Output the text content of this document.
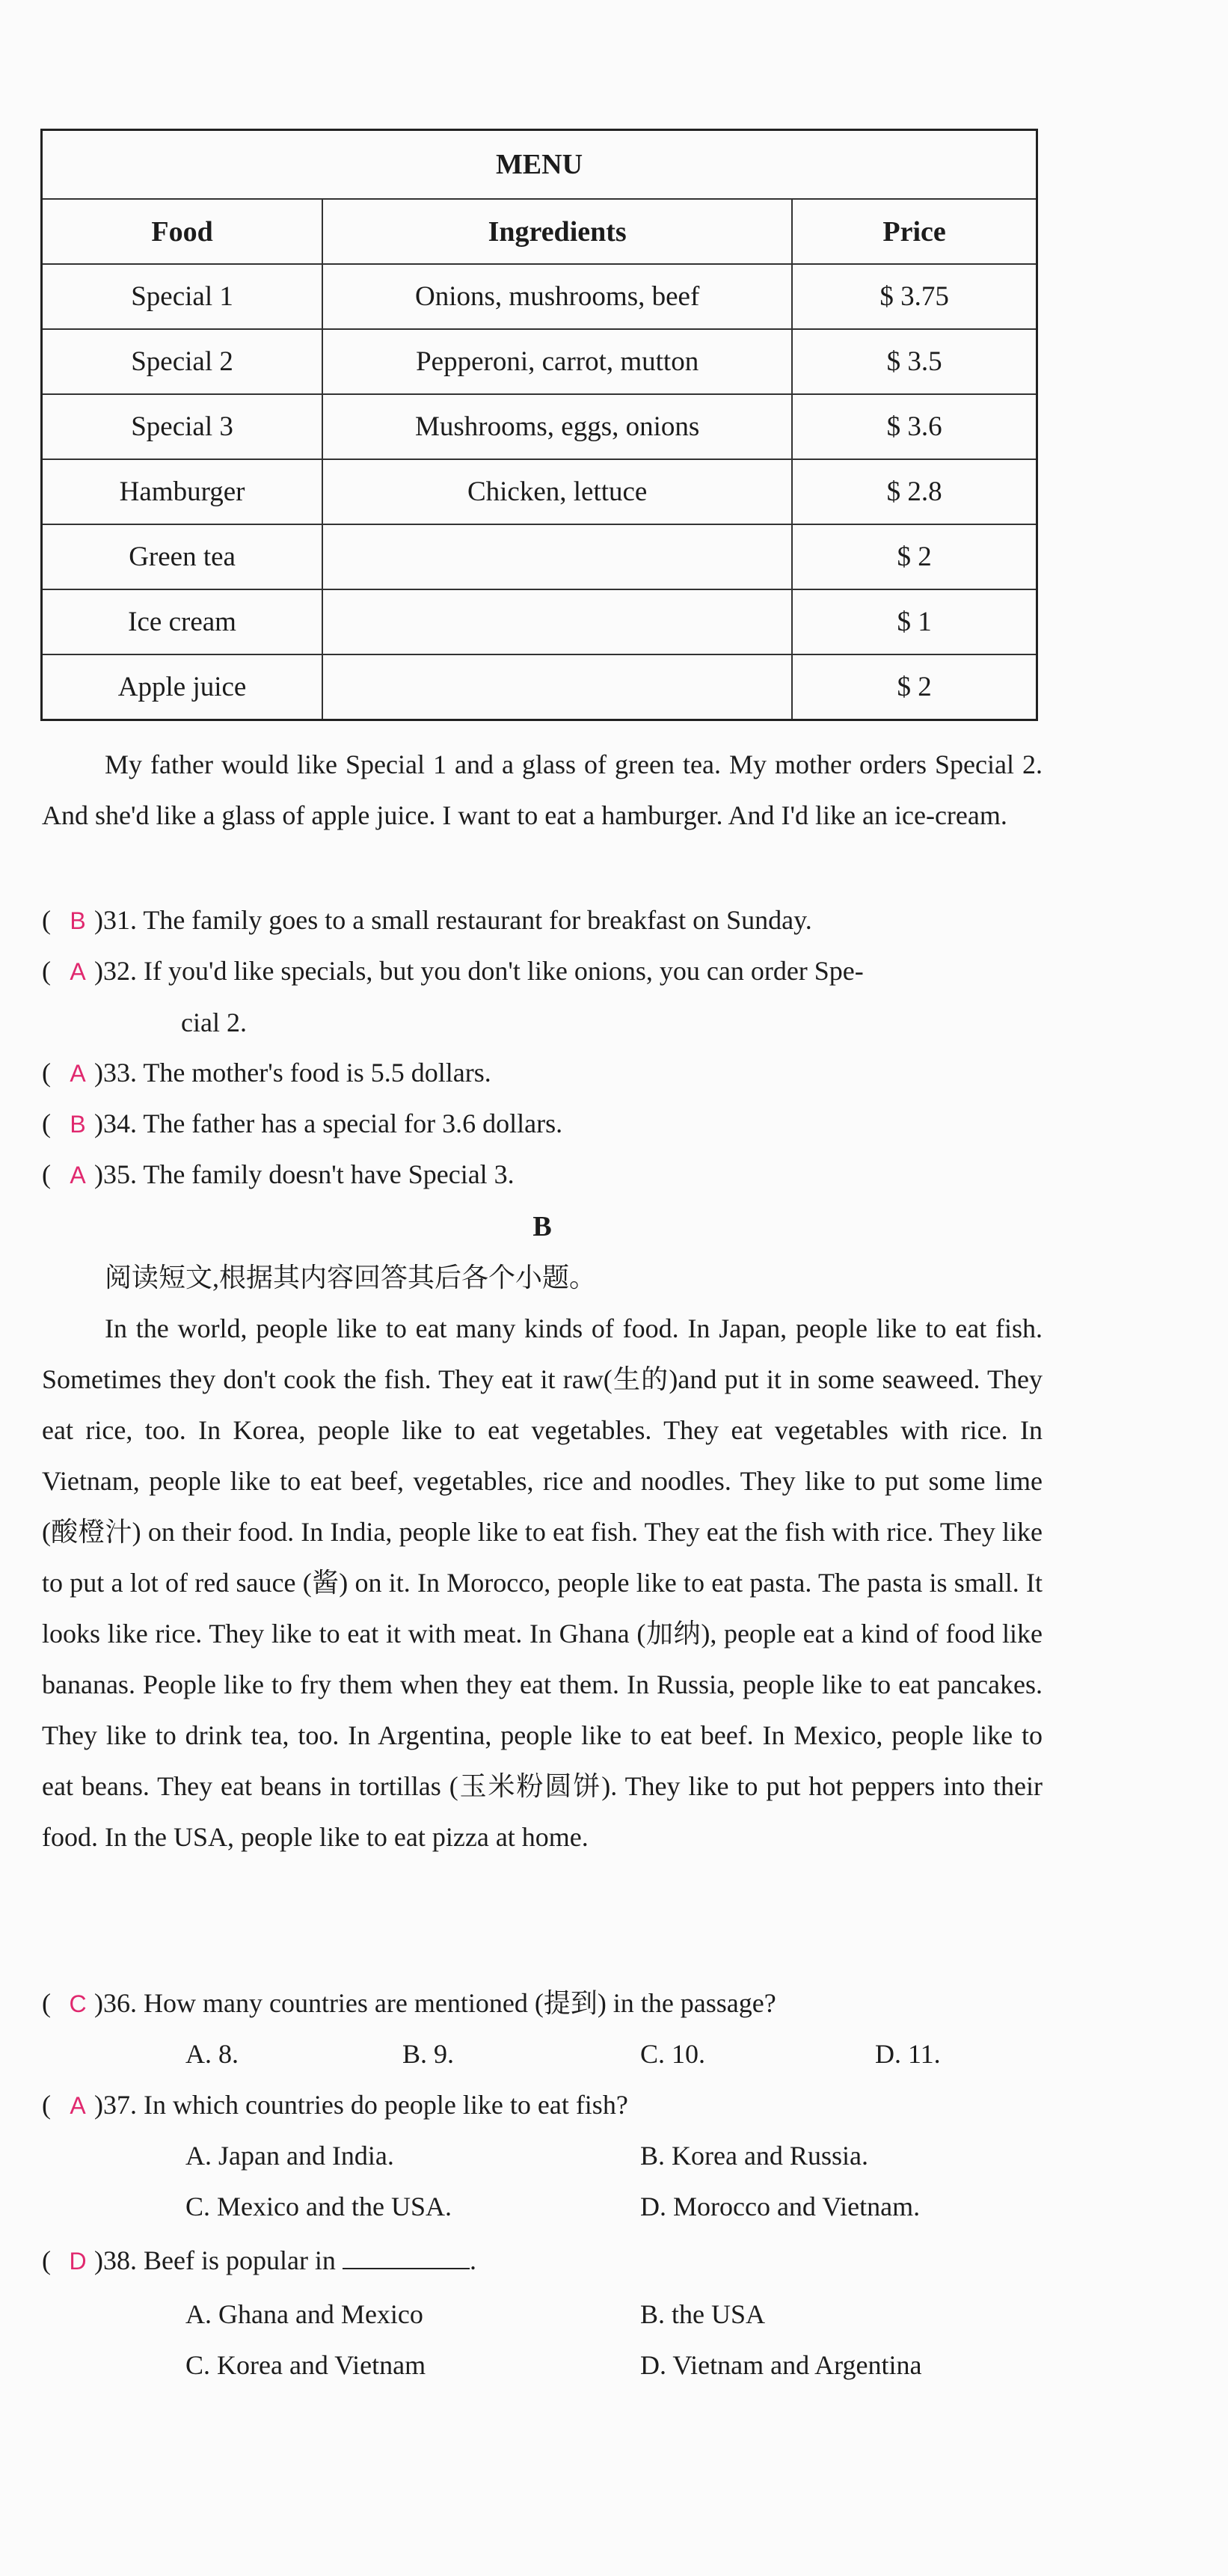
MENU		
Food	Ingredients	Price
Special 1	Onions, mushrooms, beef	$ 3.75
Special 2	Pepperoni, carrot, mutton	$ 3.5
Special 3	Mushrooms, eggs, onions	$ 3.6
Hamburger	Chicken, lettuce	$ 2.8
Green tea		$ 2
Ice cream		$ 1
Apple juice		$ 2

My father would like Special 1 and a glass of green tea. My mother orders Special 2. And she'd like a glass of apple juice. I want to eat a hamburger. And I'd like an ice-cream.

( B )31. The family goes to a small restaurant for breakfast on Sunday.
( A )32. If you'd like specials, but you don't like onions, you can order Spe-
cial 2.
( A )33. The mother's food is 5.5 dollars.
( B )34. The father has a special for 3.6 dollars.
( A )35. The family doesn't have Special 3.
B
阅读短文,根据其内容回答其后各个小题。

In the world, people like to eat many kinds of food. In Japan, people like to eat fish. Sometimes they don't cook the fish. They eat it raw(生的)and put it in some seaweed. They eat rice, too. In Korea, people like to eat vegetables. They eat vegetables with rice. In Vietnam, people like to eat beef, vegetables, rice and noodles. They like to put some lime (酸橙汁) on their food. In India, people like to eat fish. They eat the fish with rice. They like to put a lot of red sauce (酱) on it. In Morocco, people like to eat pasta. The pasta is small. It looks like rice. They like to eat it with meat. In Ghana (加纳), people eat a kind of food like bananas. People like to fry them when they eat them. In Russia, people like to eat pancakes. They like to drink tea, too. In Argentina, people like to eat beef. In Mexico, people like to eat beans. They eat beans in tortillas (玉米粉圆饼). They like to put hot peppers into their food. In the USA, people like to eat pizza at home.

( C )36. How many countries are mentioned (提到) in the passage?
A. 8.	B. 9.	C. 10.	D. 11.
( A )37. In which countries do people like to eat fish?
A. Japan and India.	B. Korea and Russia.
C. Mexico and the USA.	D. Morocco and Vietnam.
( D )38. Beef is popular in	.
A. Ghana and Mexico	B. the USA
C. Korea and Vietnam	D. Vietnam and Argentina
